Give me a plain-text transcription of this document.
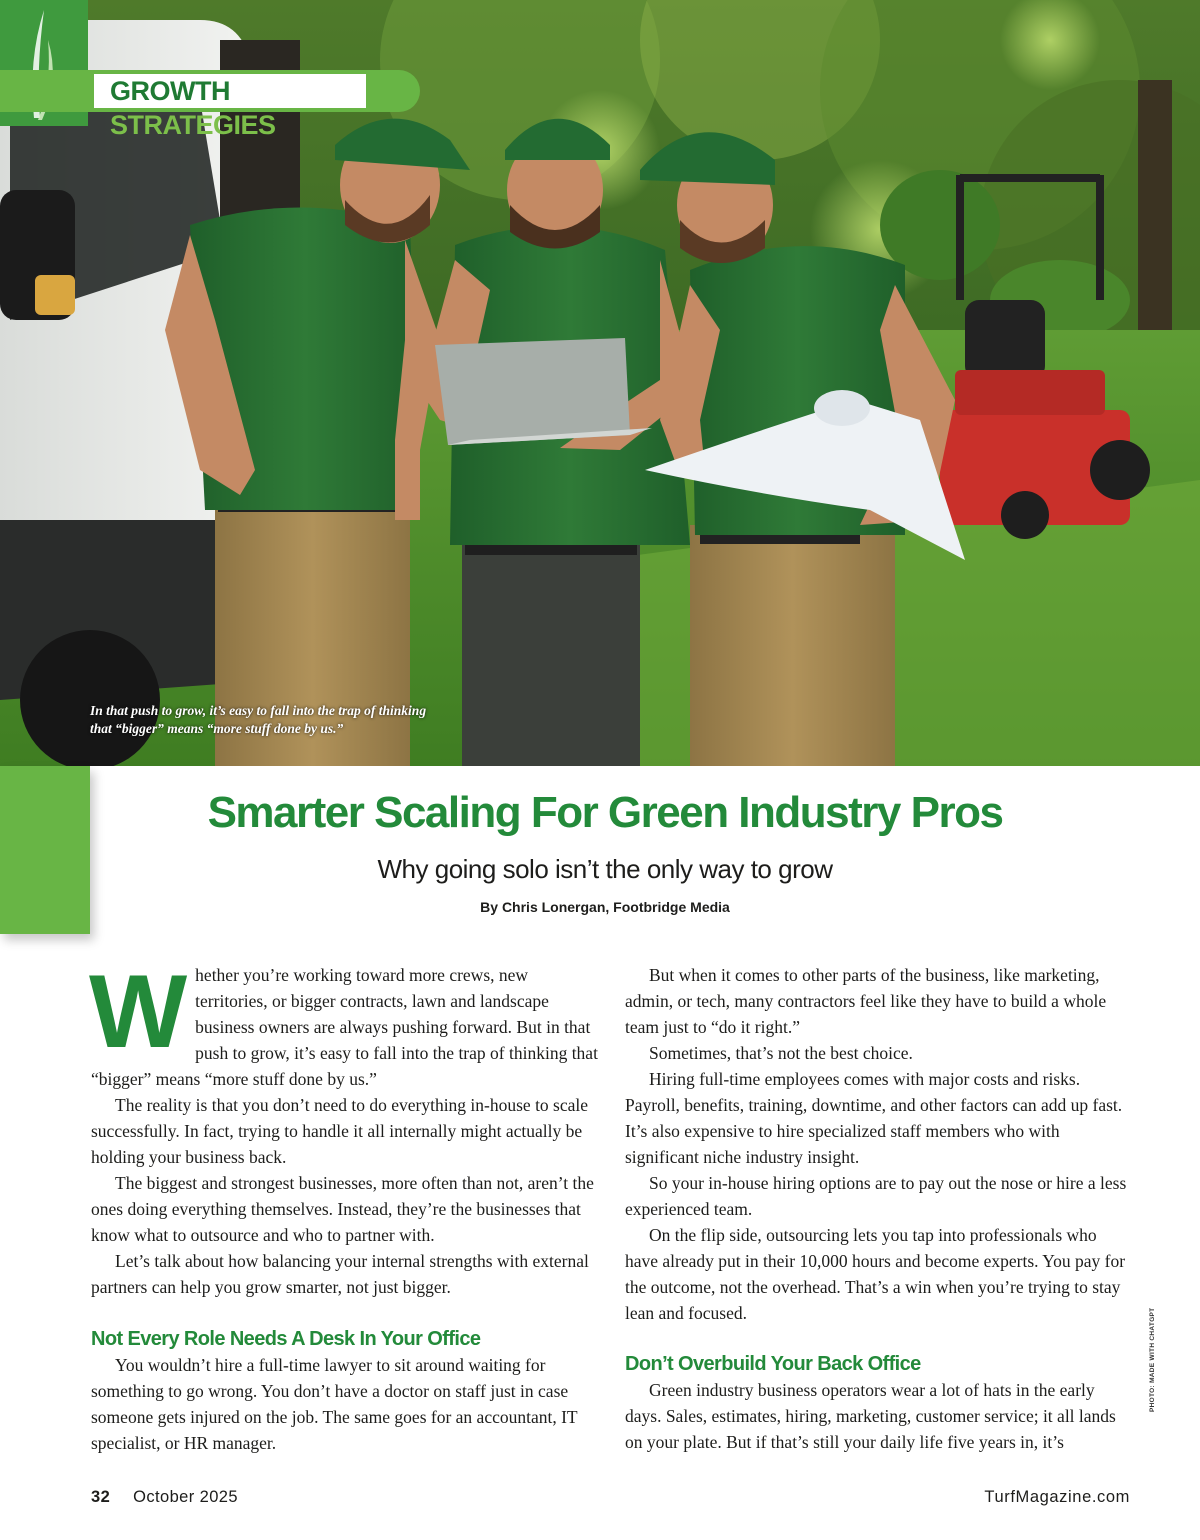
GROWTH STRATEGIES
In that push to grow, it’s easy to fall into the trap of thinking
that “bigger” means “more stuff done by us.”
Smarter Scaling For Green Industry Pros
Why going solo isn’t the only way to grow
By Chris Lonergan, Footbridge Media

Whether you’re working toward more crews, new territories, or bigger contracts, lawn and landscape business owners are always pushing forward. But in that push to grow, it’s easy to fall into the trap of thinking that “bigger” means “more stuff done by us.”

The reality is that you don’t need to do everything in-house to scale successfully. In fact, trying to handle it all internally might actually be holding your business back.

The biggest and strongest businesses, more often than not, aren’t the ones doing everything themselves. Instead, they’re the businesses that know what to outsource and who to partner with.

Let’s talk about how balancing your internal strengths with external partners can help you grow smarter, not just bigger.

Not Every Role Needs A Desk In Your Office

You wouldn’t hire a full-time lawyer to sit around waiting for something to go wrong. You don’t have a doctor on staff just in case someone gets injured on the job. The same goes for an accountant, IT specialist, or HR manager.

But when it comes to other parts of the business, like marketing, admin, or tech, many contractors feel like they have to build a whole team just to “do it right.”

Sometimes, that’s not the best choice.

Hiring full-time employees comes with major costs and risks. Payroll, benefits, training, downtime, and other factors can add up fast. It’s also expensive to hire specialized staff members who with significant niche industry insight.

So your in-house hiring options are to pay out the nose or hire a less experienced team.

On the flip side, outsourcing lets you tap into professionals who have already put in their 10,000 hours and become experts. You pay for the outcome, not the overhead. That’s a win when you’re trying to stay lean and focused.

Don’t Overbuild Your Back Office

Green industry business operators wear a lot of hats in the early days. Sales, estimates, hiring, marketing, customer service; it all lands on your plate. But if that’s still your daily life five years in, it’s

PHOTO: MADE WITH CHATGPT
32 October 2025	TurfMagazine.com
